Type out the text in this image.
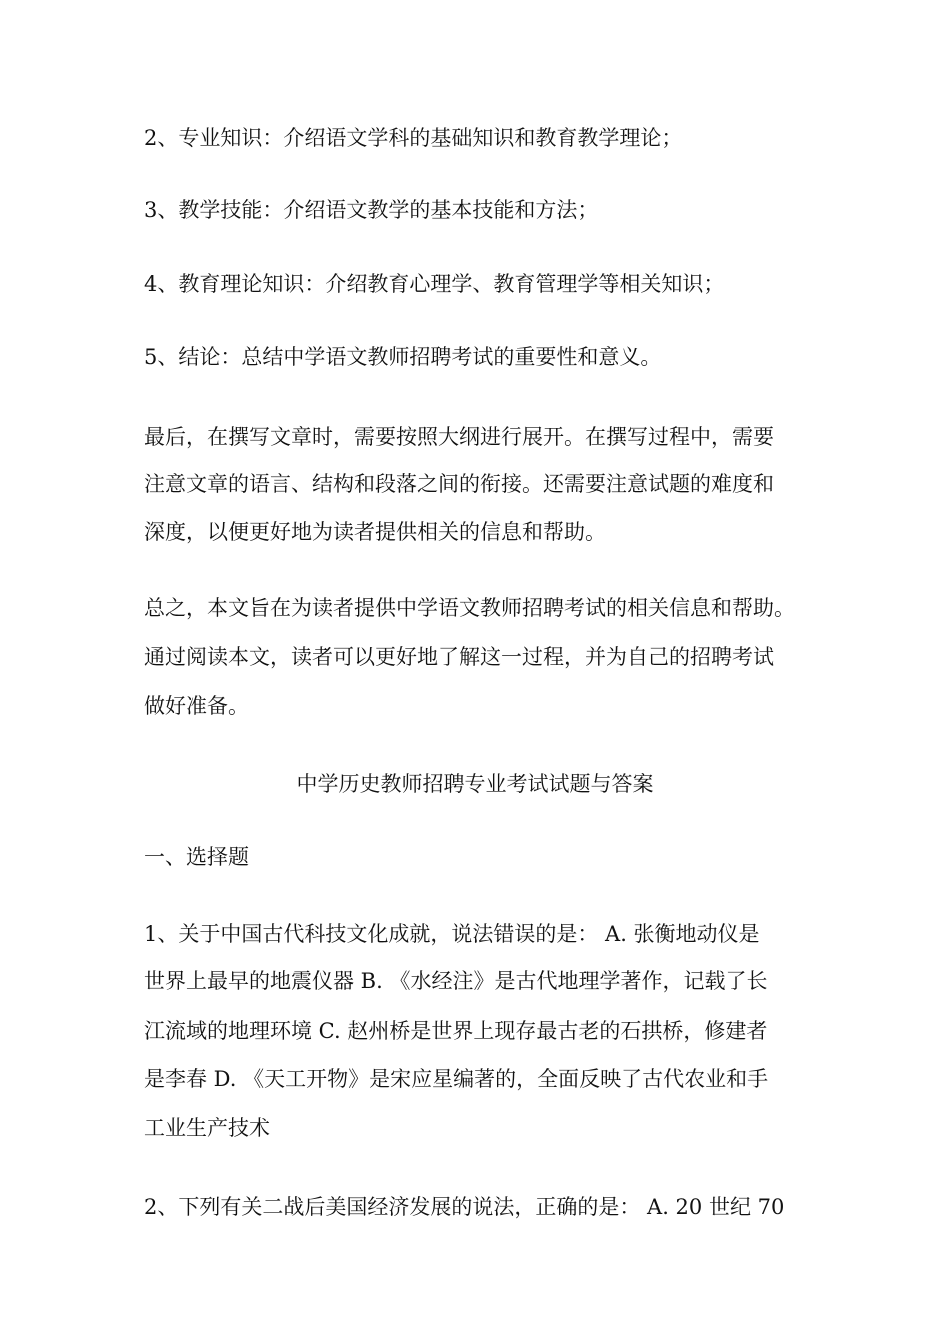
2、专业知识：介绍语文学科的基础知识和教育教学理论；
3、教学技能：介绍语文教学的基本技能和方法；
4、教育理论知识：介绍教育心理学、教育管理学等相关知识；
5、结论：总结中学语文教师招聘考试的重要性和意义。
最后，在撰写文章时，需要按照大纲进行展开。在撰写过程中，需要
注意文章的语言、结构和段落之间的衔接。还需要注意试题的难度和
深度，以便更好地为读者提供相关的信息和帮助。
总之，本文旨在为读者提供中学语文教师招聘考试的相关信息和帮助。
通过阅读本文，读者可以更好地了解这一过程，并为自己的招聘考试
做好准备。
中学历史教师招聘专业考试试题与答案
一、选择题
1、关于中国古代科技文化成就，说法错误的是： A. 张衡地动仪是
世界上最早的地震仪器 B. 《水经注》是古代地理学著作，记载了长
江流域的地理环境 C. 赵州桥是世界上现存最古老的石拱桥，修建者
是李春 D. 《天工开物》是宋应星编著的，全面反映了古代农业和手
工业生产技术
2、下列有关二战后美国经济发展的说法，正确的是： A. 20 世纪 70
